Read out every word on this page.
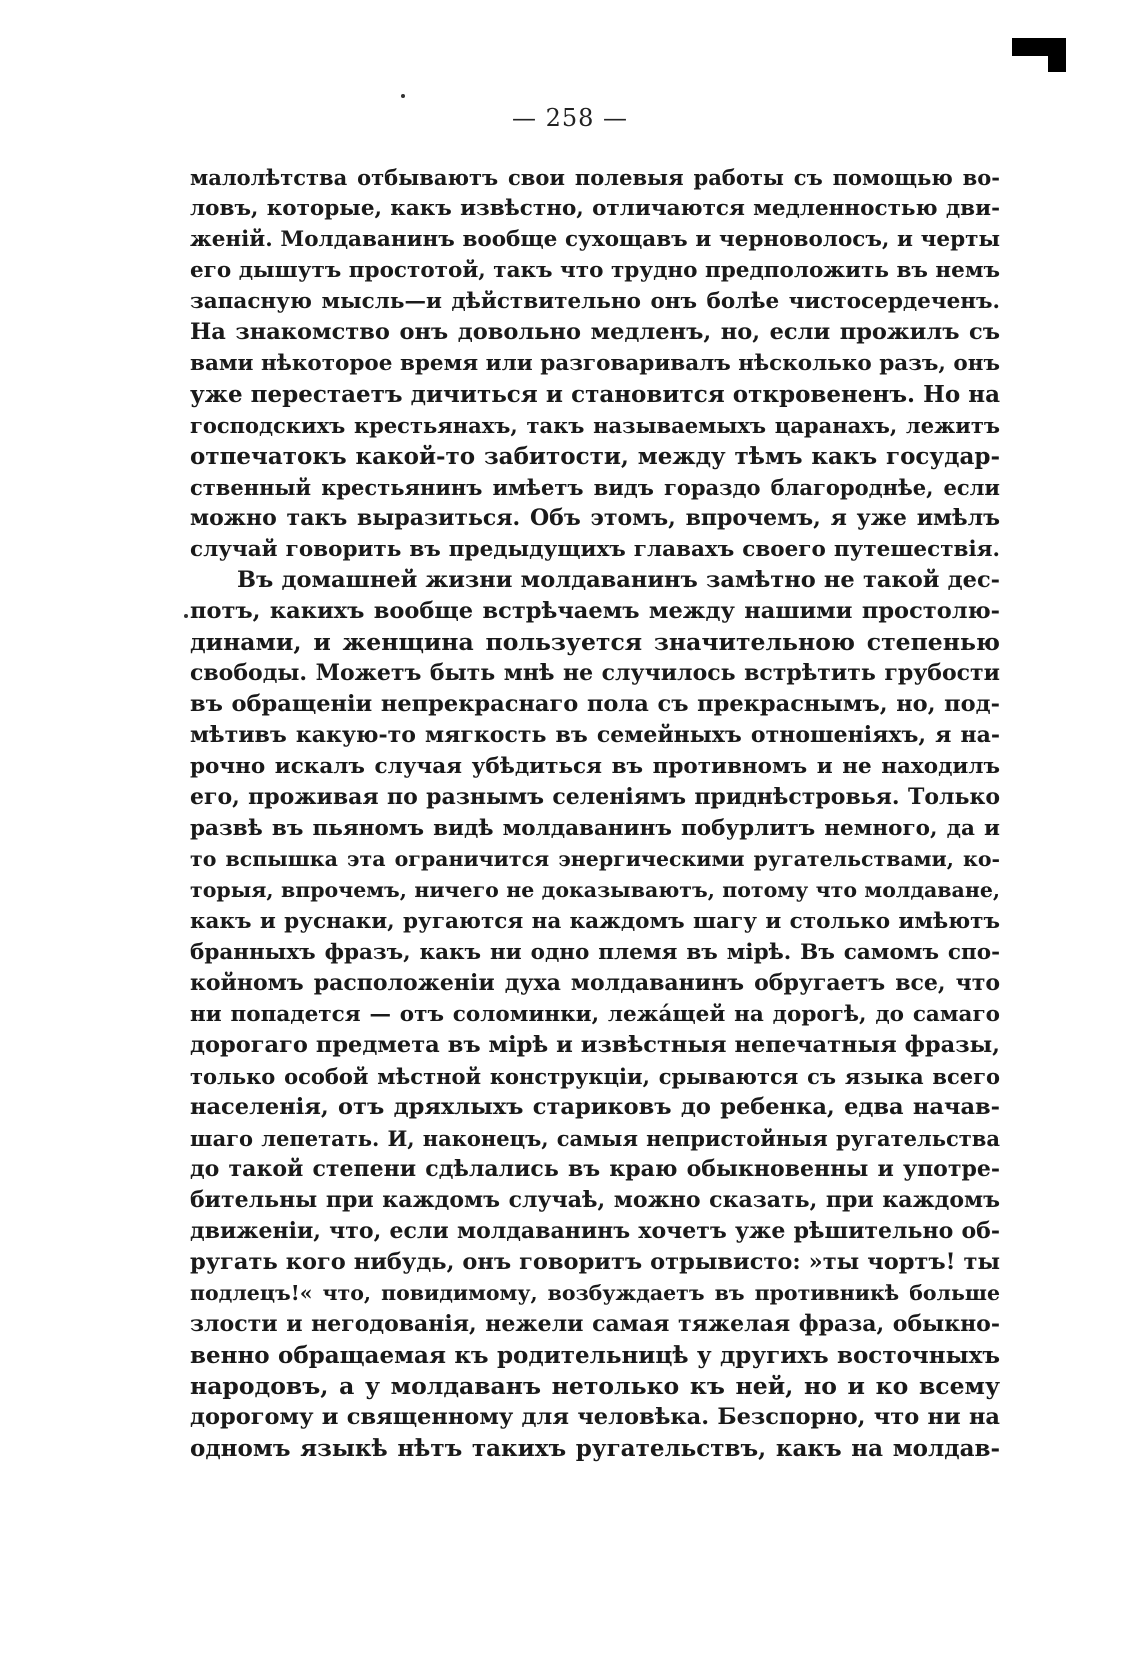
— 258 —
малолѣтства отбываютъ свои полевыя работы съ помощью во-
ловъ, которые, какъ извѣстно, отличаются медленностью дви-
женій. Молдаванинъ вообще сухощавъ и черноволосъ, и черты
его дышутъ простотой, такъ что трудно предположить въ немъ
запасную мысль—и дѣйствительно онъ болѣе чистосердеченъ.
На знакомство онъ довольно медленъ, но, если прожилъ съ
вами нѣкоторое время или разговаривалъ нѣсколько разъ, онъ
уже перестаетъ дичиться и становится откровененъ. Но на
господскихъ крестьянахъ, такъ называемыхъ царанахъ, лежитъ
отпечатокъ какой-то забитости, между тѣмъ какъ государ-
ственный крестьянинъ имѣетъ видъ гораздо благороднѣе, если
можно такъ выразиться. Объ этомъ, впрочемъ, я уже имѣлъ
случай говорить въ предыдущихъ главахъ своего путешествія.
Въ домашней жизни молдаванинъ замѣтно не такой дес-
потъ, какихъ вообще встрѣчаемъ между нашими простолю-
динами, и женщина пользуется значительною степенью
свободы. Можетъ быть мнѣ не случилось встрѣтить грубости
въ обращеніи непрекраснаго пола съ прекраснымъ, но, под-
мѣтивъ какую-то мягкость въ семейныхъ отношеніяхъ, я на-
рочно искалъ случая убѣдиться въ противномъ и не находилъ
его, проживая по разнымъ селеніямъ приднѣстровья. Только
развѣ въ пьяномъ видѣ молдаванинъ побурлитъ немного, да и
то вспышка эта ограничится энергическими ругательствами, ко-
торыя, впрочемъ, ничего не доказываютъ, потому что молдаване,
какъ и руснаки, ругаются на каждомъ шагу и столько имѣютъ
бранныхъ фразъ, какъ ни одно племя въ мірѣ. Въ самомъ спо-
койномъ расположеніи духа молдаванинъ обругаетъ все, что
ни попадется — отъ соломинки, лежа́щей на дорогѣ, до самаго
дорогаго предмета въ мірѣ и извѣстныя непечатныя фразы,
только особой мѣстной конструкціи, срываются съ языка всего
населенія, отъ дряхлыхъ стариковъ до ребенка, едва начав-
шаго лепетать. И, наконецъ, самыя непристойныя ругательства
до такой степени сдѣлались въ краю обыкновенны и употре-
бительны при каждомъ случаѣ, можно сказать, при каждомъ
движеніи, что, если молдаванинъ хочетъ уже рѣшительно об-
ругать кого нибудь, онъ говоритъ отрывисто: »ты чортъ! ты
подлецъ!« что, повидимому, возбуждаетъ въ противникѣ больше
злости и негодованія, нежели самая тяжелая фраза, обыкно-
венно обращаемая къ родительницѣ у другихъ восточныхъ
народовъ, а у молдаванъ нетолько къ ней, но и ко всему
дорогому и священному для человѣка. Безспорно, что ни на
одномъ языкѣ нѣтъ такихъ ругательствъ, какъ на молдав-
